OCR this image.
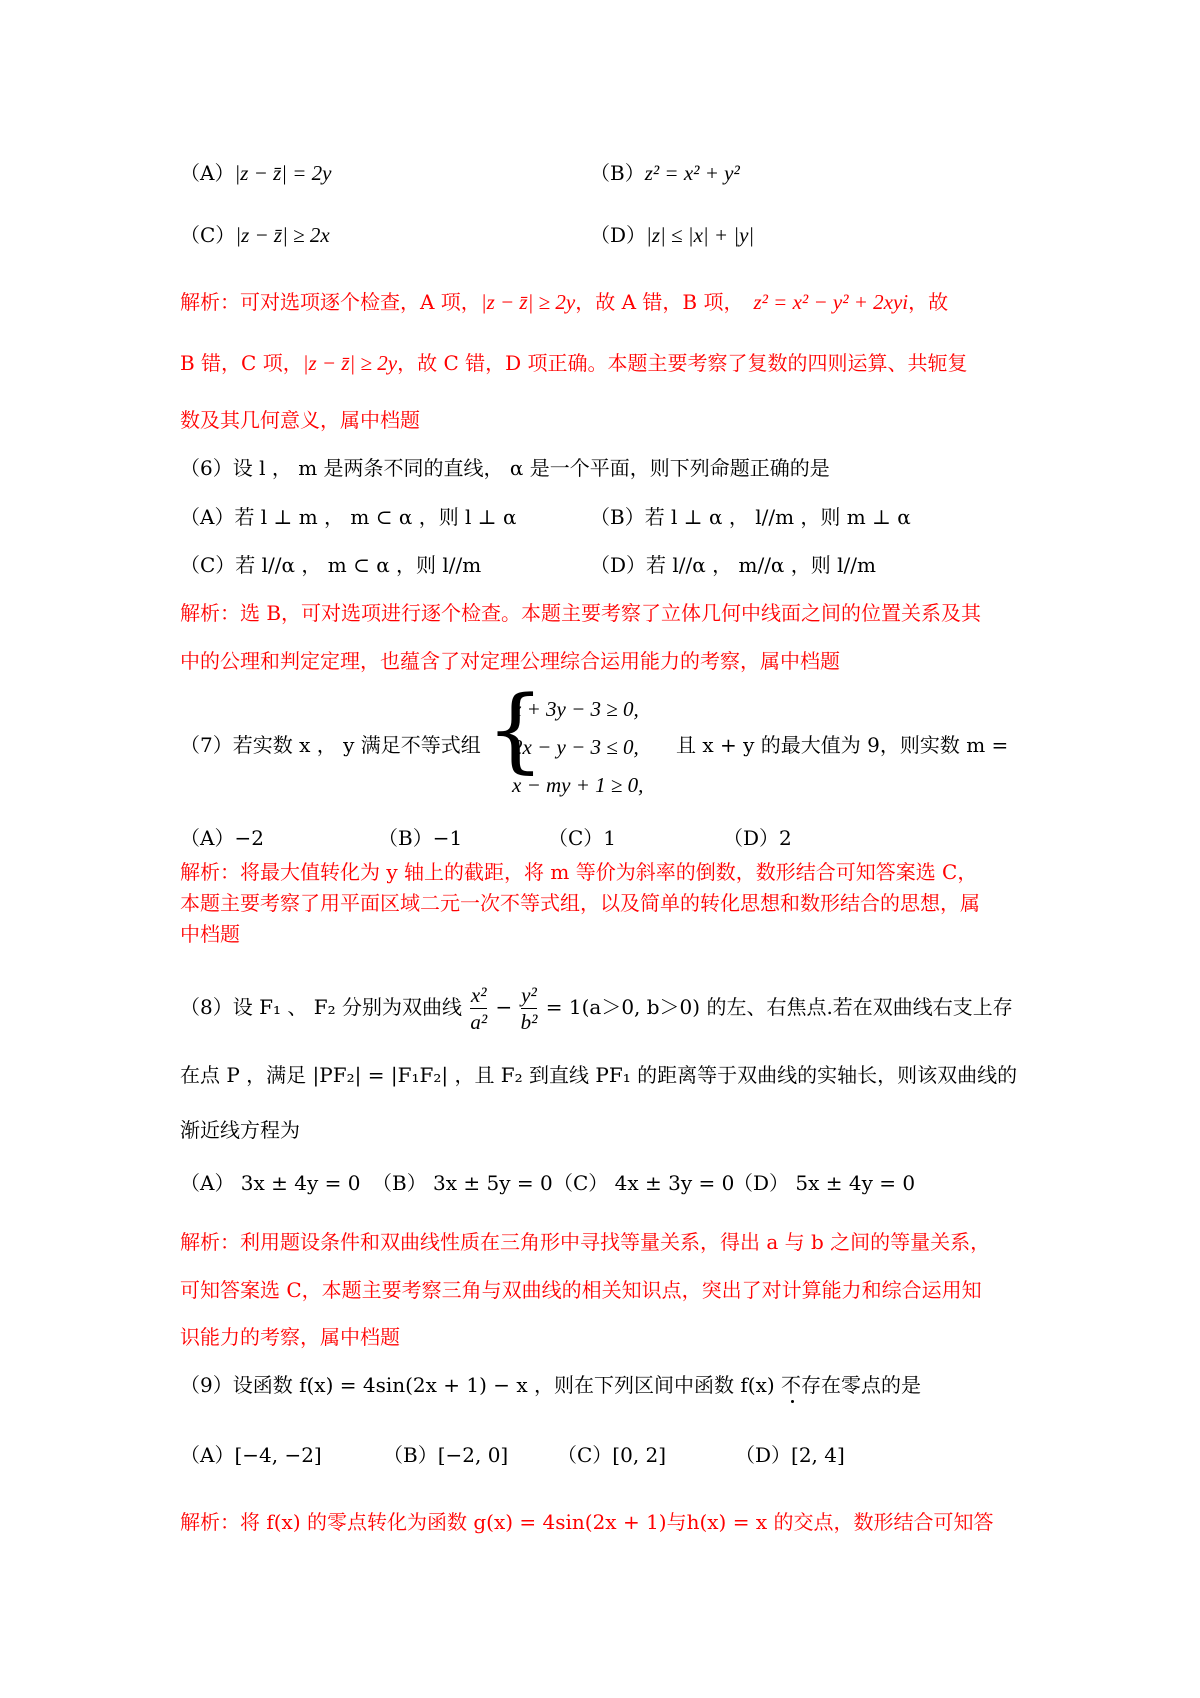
（A）|z − z̄| = 2y	（B）z² = x² + y²
（C）|z − z̄| ≥ 2x	（D）|z| ≤ |x| + |y|
解析：可对选项逐个检查，A 项，|z − z̄| ≥ 2y，故 A 错，B 项， z² = x² − y² + 2xyi，故
B 错，C 项，|z − z̄| ≥ 2y，故 C 错，D 项正确。本题主要考察了复数的四则运算、共轭复
数及其几何意义，属中档题
（6）设 l ， m 是两条不同的直线， α 是一个平面，则下列命题正确的是
（A）若 l ⊥ m ， m ⊂ α ，则 l ⊥ α	（B）若 l ⊥ α ， l//m ，则 m ⊥ α
（C）若 l//α ， m ⊂ α ，则 l//m	（D）若 l//α ， m//α ，则 l//m
解析：选 B，可对选项进行逐个检查。本题主要考察了立体几何中线面之间的位置关系及其
中的公理和判定定理，也蕴含了对定理公理综合运用能力的考察，属中档题
（7）若实数 x ， y 满足不等式组 {
x + 3y − 3 ≥ 0,
2x − y − 3 ≤ 0,
x − my + 1 ≥ 0,
且 x + y 的最大值为 9，则实数 m =
（A）−2	（B）−1	（C）1	（D）2
解析：将最大值转化为 y 轴上的截距，将 m 等价为斜率的倒数，数形结合可知答案选 C，
本题主要考察了用平面区域二元一次不等式组，以及简单的转化思想和数形结合的思想，属
中档题
（8）设 F₁ 、 F₂ 分别为双曲线 $\frac{\text{x²}}{\text{a²}} - \frac{\text{y²}}{\text{b²}} = 1(a>0$, b＞0) 的左、右焦点.若在双曲线右支上存
在点 P ，满足 |PF₂| = |F₁F₂| ，且 F₂ 到直线 PF₁ 的距离等于双曲线的实轴长，则该双曲线的
渐近线方程为
（A） 3x ± 4y = 0 （B） 3x ± 5y = 0 （C） 4x ± 3y = 0
（D） 5x ± 4y = 0
解析：利用题设条件和双曲线性质在三角形中寻找等量关系，得出 a 与 b 之间的等量关系，
可知答案选 C，本题主要考察三角与双曲线的相关知识点，突出了对计算能力和综合运用知
识能力的考察，属中档题
（9）设函数 f(x) = 4sin(2x + 1) − x ，则在下列区间中函数 f(x) 不存在零点的是
（A）[−4, −2]	（B）[−2, 0] （C）[0, 2]	（D）[2, 4]
解析：将 f(x) 的零点转化为函数 g(x) = 4sin(2x + 1)与h(x) = x 的交点，数形结合可知答
